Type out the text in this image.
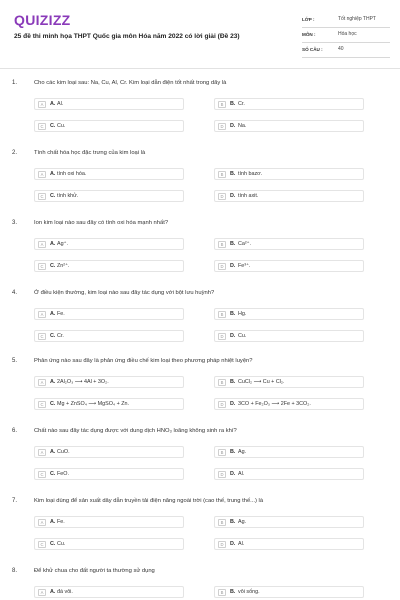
QUIZIZZ
25 đề thi minh họa THPT Quốc gia môn Hóa năm 2022 có lời giải (Đề 23)
LỚP :	Tốt nghiệp THPT
MÔN :	Hóa học
SỐ CÂU :	40
1.	Cho các kim loại sau: Na, Cu, Al, Cr. Kim loại dẫn điện tốt nhất trong dãy là
A	A. Al.	B	B. Cr.
C	C. Cu.	D	D. Na.
2.	Tính chất hóa học đặc trưng của kim loại là
A	A. tính oxi hóa.	B	B. tính bazơ.
C	C. tính khử.	D	D. tính axit.
3.	Ion kim loại nào sau đây có tính oxi hóa mạnh nhất?
A	A. Ag⁺.	B	B. Ca²⁺.
C	C. Zn²⁺.	D	D. Fe³⁺.
4.	Ở điều kiện thường, kim loại nào sau đây tác dụng với bột lưu huỳnh?
A	A. Fe.	B	B. Hg.
C	C. Cr.	D	D. Cu.
5.	Phản ứng nào sau đây là phản ứng điều chế kim loại theo phương pháp nhiệt luyện?
A	A. 2Al₂O₃ ⟶ 4Al + 3O₂.	B	B. CuCl₂ ⟶ Cu + Cl₂.
C	C. Mg + ZnSO₄ ⟶ MgSO₄ + Zn.	D	D. 3CO + Fe₂O₃ ⟶ 2Fe + 3CO₂.
6.	Chất nào sau đây tác dụng được với dung dịch HNO₃ loãng không sinh ra khí?
A	A. CuO.	B	B. Ag.
C	C. FeO.	D	D. Al.
7.	Kim loại dùng để sản xuất dây dẫn truyền tải điện năng ngoài trời (cao thế, trung thế...) là
A	A. Fe.	B	B. Ag.
C	C. Cu.	D	D. Al.
8.	Để khử chua cho đất người ta thường sử dụng
A	A. đá vôi.	B	B. vôi sống.
